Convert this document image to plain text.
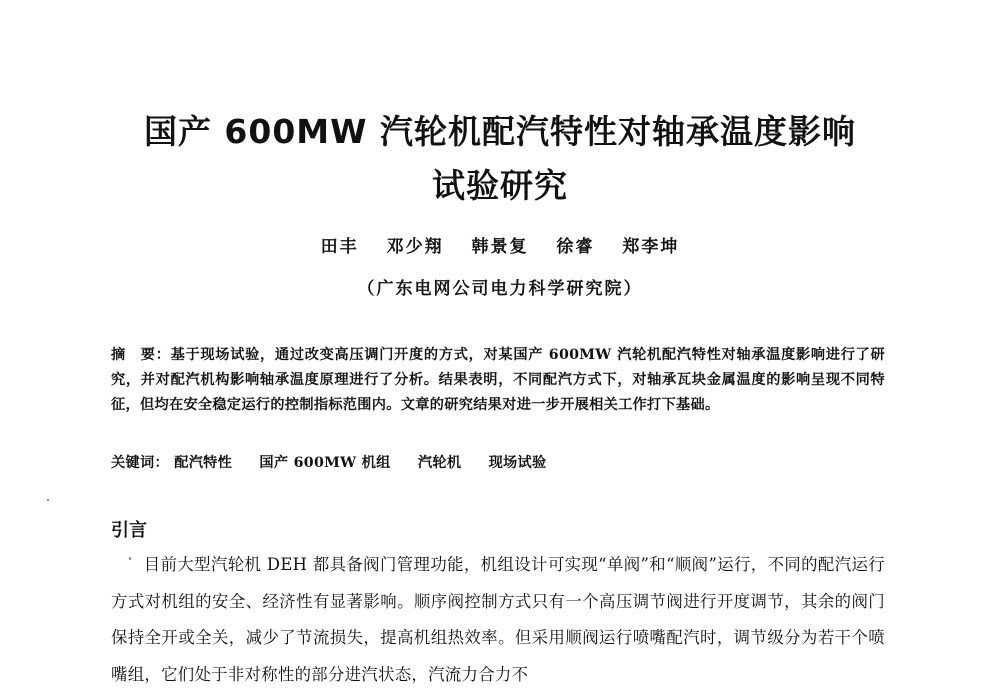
国产 600MW 汽轮机配汽特性对轴承温度影响
试验研究
田丰 邓少翔 韩景复 徐睿 郑李坤
（广东电网公司电力科学研究院）
摘　要：基于现场试验，通过改变高压调门开度的方式，对某国产 600MW 汽轮机配汽特性对轴承温度影响进行了研究，并对配汽机构影响轴承温度原理进行了分析。结果表明，不同配汽方式下，对轴承瓦块金属温度的影响呈现不同特征，但均在安全稳定运行的控制指标范围内。文章的研究结果对进一步开展相关工作打下基础。
关键词： 配汽特性 国产 600MW 机组 汽轮机 现场试验
引言
目前大型汽轮机 DEH 都具备阀门管理功能，机组设计可实现“单阀”和“顺阀”运行，不同的配汽运行方式对机组的安全、经济性有显著影响。顺序阀控制方式只有一个高压调节阀进行开度调节，其余的阀门保持全开或全关，减少了节流损失，提高机组热效率。但采用顺阀运行喷嘴配汽时，调节级分为若干个喷嘴组，它们处于非对称性的部分进汽状态，汽流力合力不
